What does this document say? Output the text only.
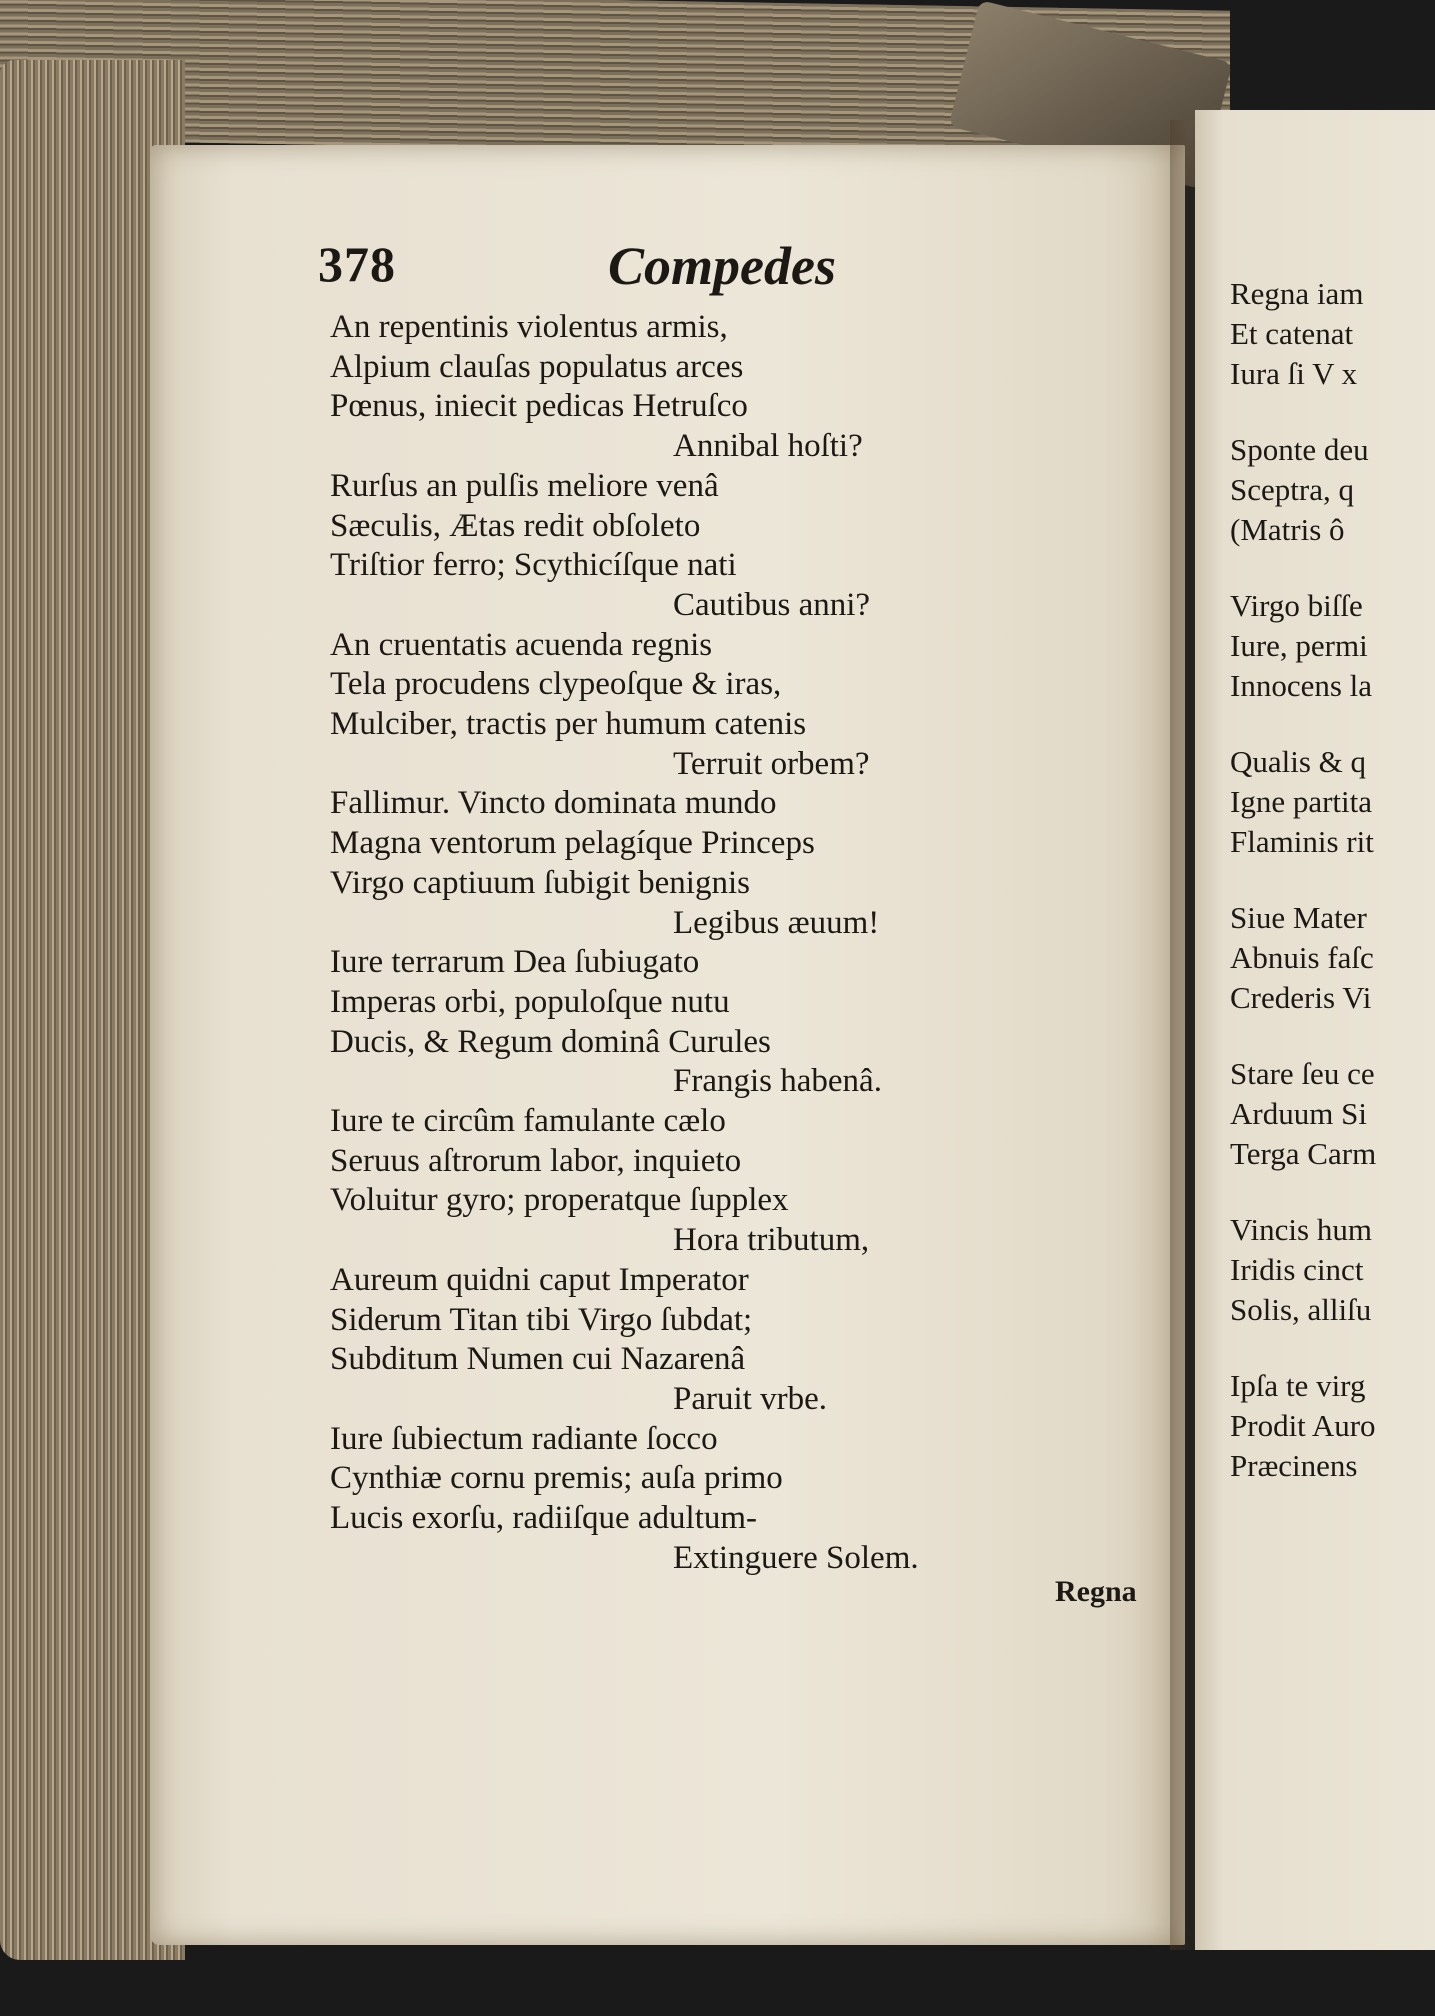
378	Compedes
An repentinis violentus armis,
Alpium clauſas populatus arces
Pœnus, iniecit pedicas Hetruſco
Annibal hoſti?
Rurſus an pulſis meliore venâ
Sæculis, Ætas redit obſoleto
Triſtior ferro; Scythicíſque nati
Cautibus anni?
An cruentatis acuenda regnis
Tela procudens clypeoſque & iras,
Mulciber, tractis per humum catenis
Terruit orbem?
Fallimur. Vincto dominata mundo
Magna ventorum pelagíque Princeps
Virgo captiuum ſubigit benignis
Legibus æuum!
Iure terrarum Dea ſubiugato
Imperas orbi, populoſque nutu
Ducis, & Regum dominâ Curules
Frangis habenâ.
Iure te circûm famulante cælo
Seruus aſtrorum labor, inquieto
Voluitur gyro; properatque ſupplex
Hora tributum,
Aureum quidni caput Imperator
Siderum Titan tibi Virgo ſubdat;
Subditum Numen cui Nazarenâ
Paruit vrbe.
Iure ſubiectum radiante ſocco
Cynthiæ cornu premis; auſa primo
Lucis exorſu, radiiſque adultum-
Extinguere Solem.
Regna
Regna iam
Et catenat
Iura ſi V x
Sponte deu
Sceptra, q
(Matris ô
Virgo biſſe
Iure, permi
Innocens la
Qualis & q
Igne partita
Flaminis rit
Siue Mater
Abnuis faſc
Crederis Vi
Stare ſeu ce
Arduum Si
Terga Carm
Vincis hum
Iridis cinct
Solis, alliſu
Ipſa te virg
Prodit Auro
Præcinens
